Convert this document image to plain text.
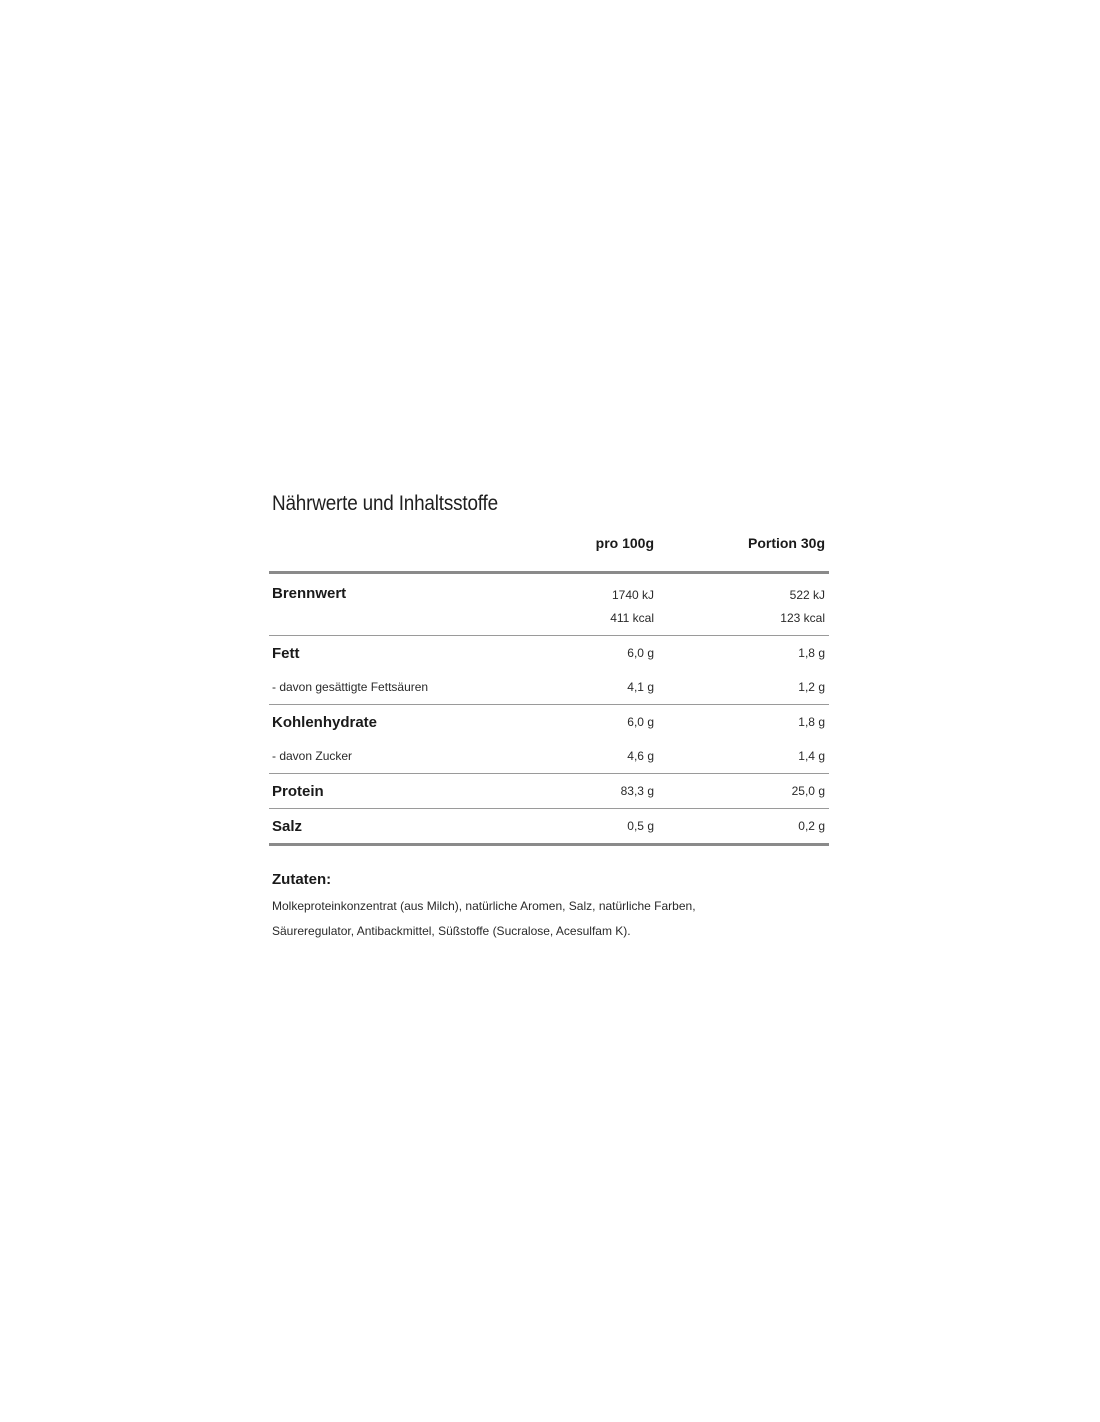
Nährwerte und Inhaltsstoffe
	pro 100g	Portion 30g
Brennwert	1740 kJ	522 kJ
	411 kcal	123 kcal
Fett	6,0 g	1,8 g
- davon gesättigte Fettsäuren	4,1 g	1,2 g
Kohlenhydrate	6,0 g	1,8 g
- davon Zucker	4,6 g	1,4 g
Protein	83,3 g	25,0 g
Salz	0,5 g	0,2 g
Zutaten:
Molkeproteinkonzentrat (aus Milch), natürliche Aromen, Salz, natürliche Farben, Säureregulator, Antibackmittel, Süßstoffe (Sucralose, Acesulfam K).
